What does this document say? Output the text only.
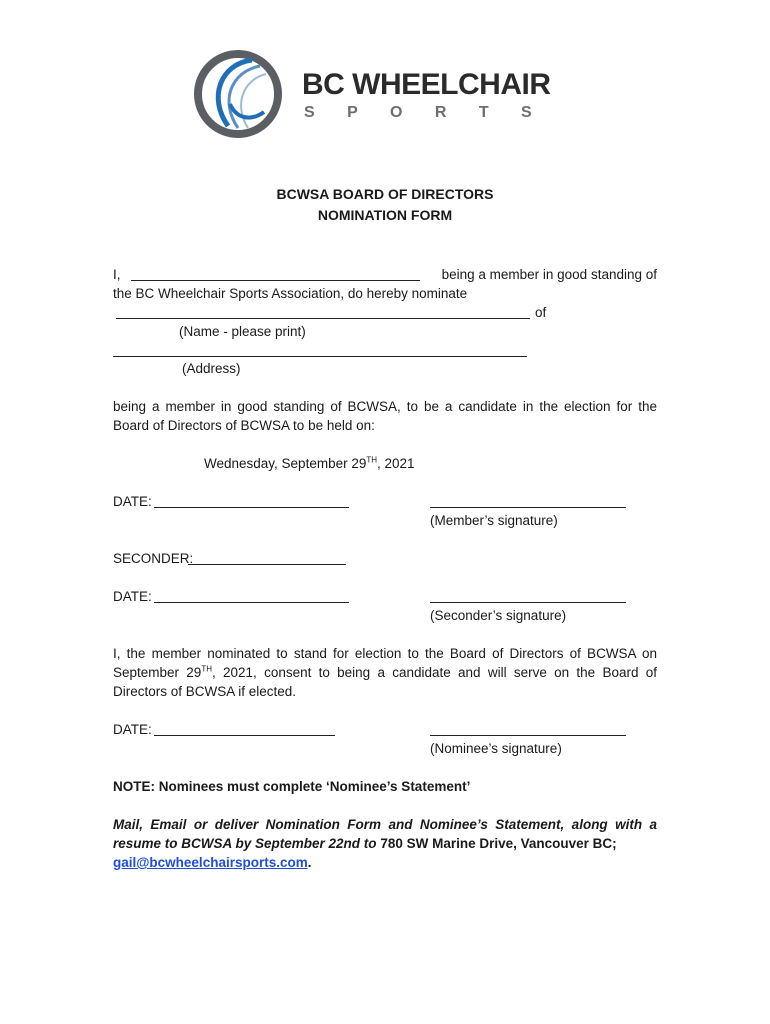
BC WHEELCHAIR
S P O R T S
BCWSA BOARD OF DIRECTORS
NOMINATION FORM
I,	being a member in good standing of
the BC Wheelchair Sports Association, do hereby nominate
of
(Name - please print)
(Address)
being a member in good standing of BCWSA, to be a candidate in the election for the
Board of Directors of BCWSA to be held on:
Wednesday, September 29TH, 2021
DATE:
(Member’s signature)
SECONDER:
DATE:
(Seconder’s signature)
I, the member nominated to stand for election to the Board of Directors of BCWSA on
September 29TH, 2021, consent to being a candidate and will serve on the Board of
Directors of BCWSA if elected.
DATE:
(Nominee’s signature)
NOTE: Nominees must complete ‘Nominee’s Statement’
Mail, Email or deliver Nomination Form and Nominee’s Statement, along with a
resume to BCWSA by September 22nd to 780 SW Marine Drive, Vancouver BC;
gail@bcwheelchairsports.com.
